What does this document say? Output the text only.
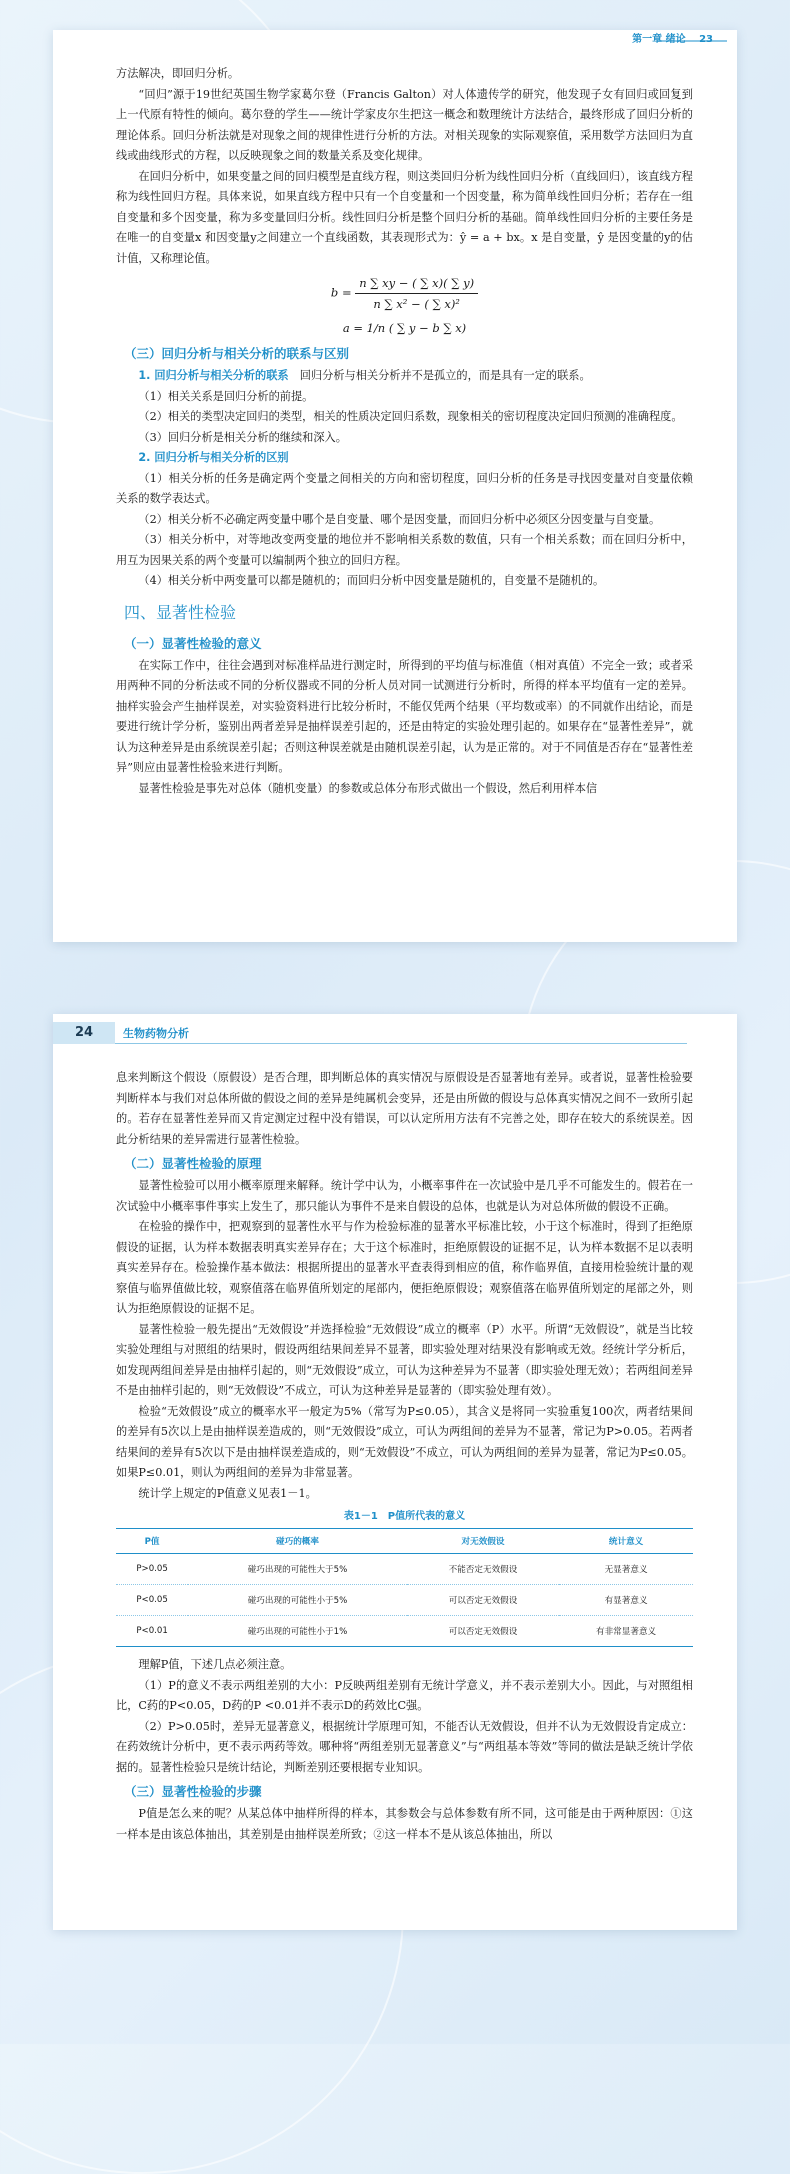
第一章 绪论 23

方法解决，即回归分析。

“回归”源于19世纪英国生物学家葛尔登（Francis Galton）对人体遗传学的研究，他发现子女有回归或回复到上一代原有特性的倾向。葛尔登的学生——统计学家皮尔生把这一概念和数理统计方法结合，最终形成了回归分析的理论体系。回归分析法就是对现象之间的规律性进行分析的方法。对相关现象的实际观察值，采用数学方法回归为直线或曲线形式的方程，以反映现象之间的数量关系及变化规律。

在回归分析中，如果变量之间的回归模型是直线方程，则这类回归分析为线性回归分析（直线回归），该直线方程称为线性回归方程。具体来说，如果直线方程中只有一个自变量和一个因变量，称为简单线性回归分析；若存在一组自变量和多个因变量，称为多变量回归分析。线性回归分析是整个回归分析的基础。简单线性回归分析的主要任务是在唯一的自变量x 和因变量y之间建立一个直线函数，其表现形式为：ŷ = a + bx。x 是自变量，ŷ 是因变量的y的估计值，又称理论值。

$b = \frac{n \sum xy - ( \sum x)( \sum y)}{\text{n ∑ x² − ( ∑ x)²}}$
a = 1/n ( ∑ y − b ∑ x)
（三）回归分析与相关分析的联系与区别

1. 回归分析与相关分析的联系　回归分析与相关分析并不是孤立的，而是具有一定的联系。

（1）相关关系是回归分析的前提。

（2）相关的类型决定回归的类型，相关的性质决定回归系数，现象相关的密切程度决定回归预测的准确程度。

（3）回归分析是相关分析的继续和深入。

2. 回归分析与相关分析的区别

（1）相关分析的任务是确定两个变量之间相关的方向和密切程度，回归分析的任务是寻找因变量对自变量依赖关系的数学表达式。

（2）相关分析不必确定两变量中哪个是自变量、哪个是因变量，而回归分析中必须区分因变量与自变量。

（3）相关分析中，对等地改变两变量的地位并不影响相关系数的数值，只有一个相关系数；而在回归分析中，用互为因果关系的两个变量可以编制两个独立的回归方程。

（4）相关分析中两变量可以都是随机的；而回归分析中因变量是随机的，自变量不是随机的。

四、显著性检验
（一）显著性检验的意义

在实际工作中，往往会遇到对标准样品进行测定时，所得到的平均值与标准值（相对真值）不完全一致；或者采用两种不同的分析法或不同的分析仪器或不同的分析人员对同一试测进行分析时，所得的样本平均值有一定的差异。抽样实验会产生抽样误差，对实验资料进行比较分析时，不能仅凭两个结果（平均数或率）的不同就作出结论，而是要进行统计学分析，鉴别出两者差异是抽样误差引起的，还是由特定的实验处理引起的。如果存在“显著性差异”，就认为这种差异是由系统误差引起；否则这种误差就是由随机误差引起，认为是正常的。对于不同值是否存在“显著性差异”则应由显著性检验来进行判断。

显著性检验是事先对总体（随机变量）的参数或总体分布形式做出一个假设，然后利用样本信

24	生物药物分析

息来判断这个假设（原假设）是否合理，即判断总体的真实情况与原假设是否显著地有差异。或者说，显著性检验要判断样本与我们对总体所做的假设之间的差异是纯属机会变异，还是由所做的假设与总体真实情况之间不一致所引起的。若存在显著性差异而又肯定测定过程中没有错误，可以认定所用方法有不完善之处，即存在较大的系统误差。因此分析结果的差异需进行显著性检验。

（二）显著性检验的原理

显著性检验可以用小概率原理来解释。统计学中认为，小概率事件在一次试验中是几乎不可能发生的。假若在一次试验中小概率事件事实上发生了，那只能认为事件不是来自假设的总体，也就是认为对总体所做的假设不正确。

在检验的操作中，把观察到的显著性水平与作为检验标准的显著水平标准比较，小于这个标准时，得到了拒绝原假设的证据，认为样本数据表明真实差异存在；大于这个标准时，拒绝原假设的证据不足，认为样本数据不足以表明真实差异存在。检验操作基本做法：根据所提出的显著水平查表得到相应的值，称作临界值，直接用检验统计量的观察值与临界值做比较，观察值落在临界值所划定的尾部内，便拒绝原假设；观察值落在临界值所划定的尾部之外，则认为拒绝原假设的证据不足。

显著性检验一般先提出“无效假设”并选择检验“无效假设”成立的概率（P）水平。所谓“无效假设”，就是当比较实验处理组与对照组的结果时，假设两组结果间差异不显著，即实验处理对结果没有影响或无效。经统计学分析后，如发现两组间差异是由抽样引起的，则“无效假设”成立，可认为这种差异为不显著（即实验处理无效）；若两组间差异不是由抽样引起的，则“无效假设”不成立，可认为这种差异是显著的（即实验处理有效）。

检验“无效假设”成立的概率水平一般定为5%（常写为P≤0.05），其含义是将同一实验重复100次，两者结果间的差异有5次以上是由抽样误差造成的，则“无效假设”成立，可认为两组间的差异为不显著，常记为P>0.05。若两者结果间的差异有5次以下是由抽样误差造成的，则“无效假设”不成立，可认为两组间的差异为显著，常记为P≤0.05。如果P≤0.01，则认为两组间的差异为非常显著。

统计学上规定的P值意义见表1－1。

表1－1　P值所代表的意义
P值	碰巧的概率	对无效假设	统计意义
P>0.05	碰巧出现的可能性大于5%	不能否定无效假设	无显著意义
P<0.05	碰巧出现的可能性小于5%	可以否定无效假设	有显著意义
P<0.01	碰巧出现的可能性小于1%	可以否定无效假设	有非常显著意义

理解P值，下述几点必须注意。

（1）P的意义不表示两组差别的大小：P反映两组差别有无统计学意义，并不表示差别大小。因此，与对照组相比，C药的P<0.05，D药的P <0.01并不表示D的药效比C强。

（2）P>0.05时，差异无显著意义，根据统计学原理可知，不能否认无效假设，但并不认为无效假设肯定成立：在药效统计分析中，更不表示两药等效。哪种将“两组差别无显著意义”与“两组基本等效”等同的做法是缺乏统计学依据的。显著性检验只是统计结论，判断差别还要根据专业知识。

（三）显著性检验的步骤

P值是怎么来的呢？从某总体中抽样所得的样本，其参数会与总体参数有所不同，这可能是由于两种原因：①这一样本是由该总体抽出，其差别是由抽样误差所致；②这一样本不是从该总体抽出，所以
